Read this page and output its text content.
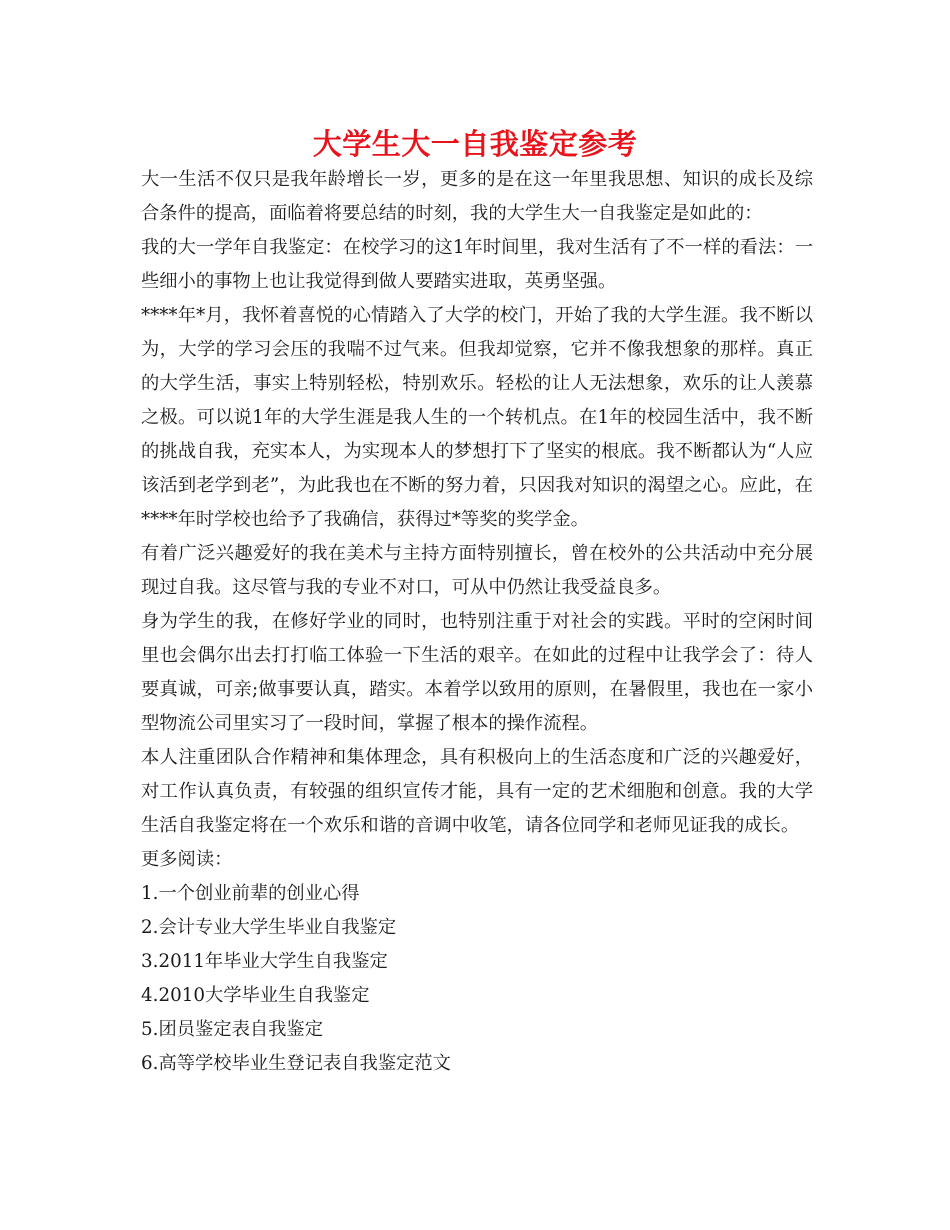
大学生大一自我鉴定参考

大一生活不仅只是我年龄增长一岁，更多的是在这一年里我思想、知识的成长及综合条件的提高，面临着将要总结的时刻，我的大学生大一自我鉴定是如此的：

我的大一学年自我鉴定：在校学习的这1年时间里，我对生活有了不一样的看法：一些细小的事物上也让我觉得到做人要踏实进取，英勇坚强。

****年*月，我怀着喜悦的心情踏入了大学的校门，开始了我的大学生涯。我不断以为，大学的学习会压的我喘不过气来。但我却觉察，它并不像我想象的那样。真正的大学生活，事实上特别轻松，特别欢乐。轻松的让人无法想象，欢乐的让人羡慕之极。可以说1年的大学生涯是我人生的一个转机点。在1年的校园生活中，我不断的挑战自我，充实本人，为实现本人的梦想打下了坚实的根底。我不断都认为“人应该活到老学到老”，为此我也在不断的努力着，只因我对知识的渴望之心。应此，在****年时学校也给予了我确信，获得过*等奖的奖学金。

有着广泛兴趣爱好的我在美术与主持方面特别擅长，曾在校外的公共活动中充分展现过自我。这尽管与我的专业不对口，可从中仍然让我受益良多。

身为学生的我，在修好学业的同时，也特别注重于对社会的实践。平时的空闲时间里也会偶尔出去打打临工体验一下生活的艰辛。在如此的过程中让我学会了：待人要真诚，可亲;做事要认真，踏实。本着学以致用的原则，在暑假里，我也在一家小型物流公司里实习了一段时间，掌握了根本的操作流程。

本人注重团队合作精神和集体理念，具有积极向上的生活态度和广泛的兴趣爱好，对工作认真负责，有较强的组织宣传才能，具有一定的艺术细胞和创意。我的大学生活自我鉴定将在一个欢乐和谐的音调中收笔，请各位同学和老师见证我的成长。

更多阅读：

1.一个创业前辈的创业心得
2.会计专业大学生毕业自我鉴定
3.2011年毕业大学生自我鉴定
4.2010大学毕业生自我鉴定
5.团员鉴定表自我鉴定
6.高等学校毕业生登记表自我鉴定范文
